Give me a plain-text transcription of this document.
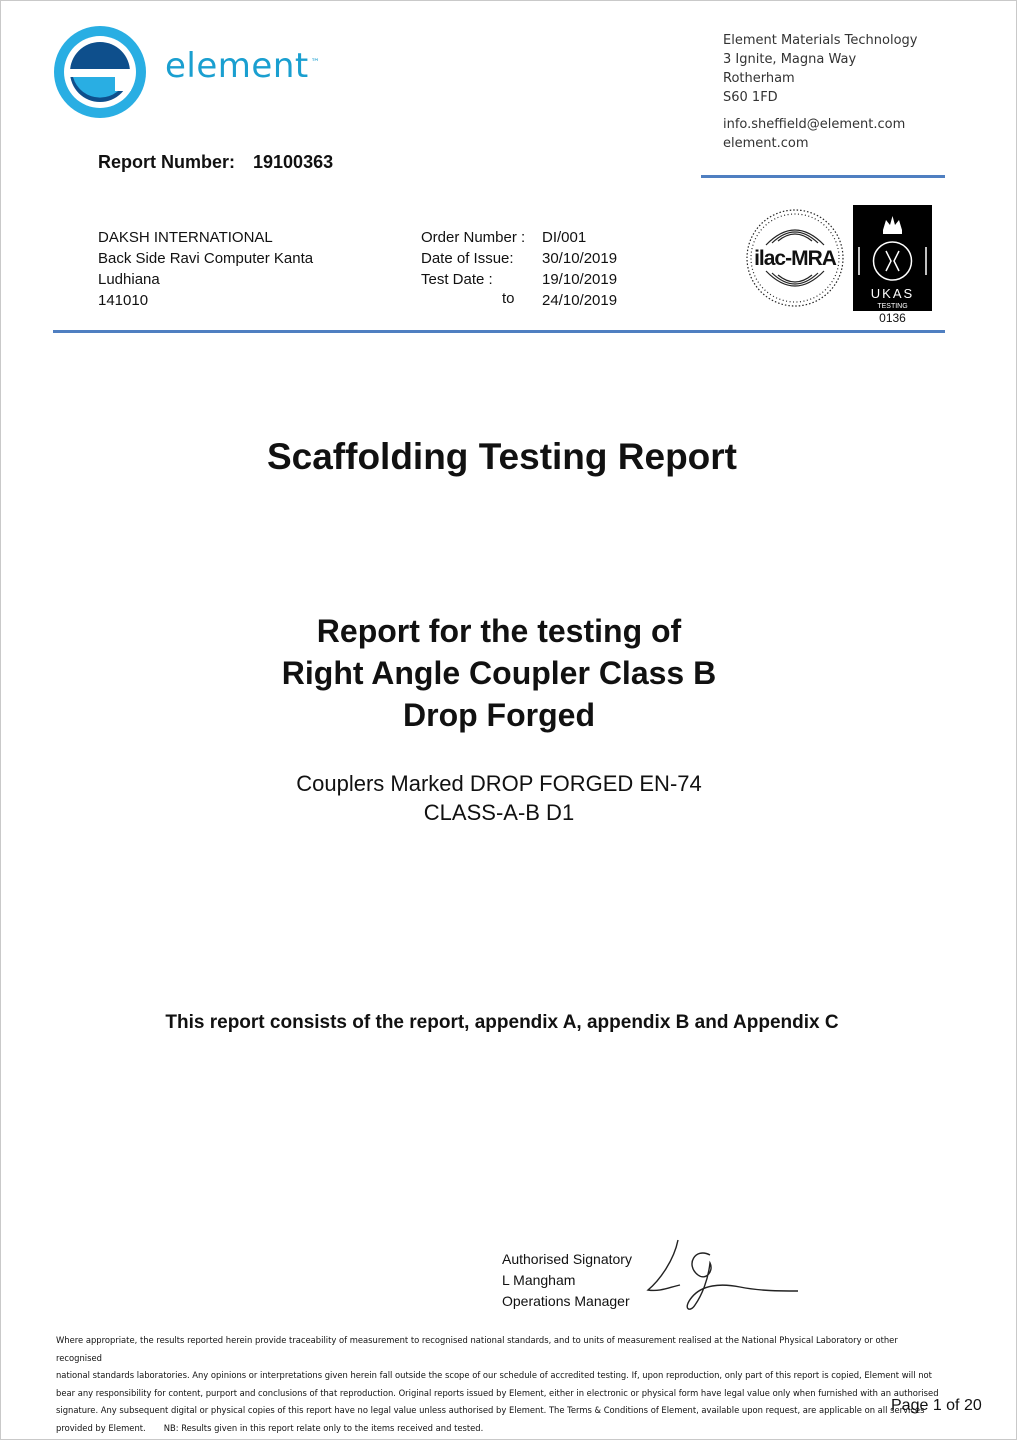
element ™
Element Materials Technology
3 Ignite, Magna Way
Rotherham
S60 1FD
info.sheffield@element.com
element.com
Report Number: 19100363
DAKSH INTERNATIONAL
Back Side Ravi Computer Kanta
Ludhiana
141010
Order Number :
Date of Issue:
Test Date :
DI/001
30/10/2019
19/10/2019
24/10/2019
to
ilac-MRA
UKAS
TESTING
0136
Scaffolding Testing Report
Report for the testing of
Right Angle Coupler Class B
Drop Forged
Couplers Marked DROP FORGED EN-74
CLASS-A-B D1
This report consists of the report, appendix A, appendix B and Appendix C
Authorised Signatory
L Mangham
Operations Manager
Where appropriate, the results reported herein provide traceability of measurement to recognised national standards, and to units of measurement realised at the National Physical Laboratory or other recognised
national standards laboratories. Any opinions or interpretations given herein fall outside the scope of our schedule of accredited testing. If, upon reproduction, only part of this report is copied, Element will not
bear any responsibility for content, purport and conclusions of that reproduction. Original reports issued by Element, either in electronic or physical form have legal value only when furnished with an authorised
signature. Any subsequent digital or physical copies of this report have no legal value unless authorised by Element. The Terms & Conditions of Element, available upon request, are applicable on all services
provided by Element. NB: Results given in this report relate only to the items received and tested.
Page 1 of 20
